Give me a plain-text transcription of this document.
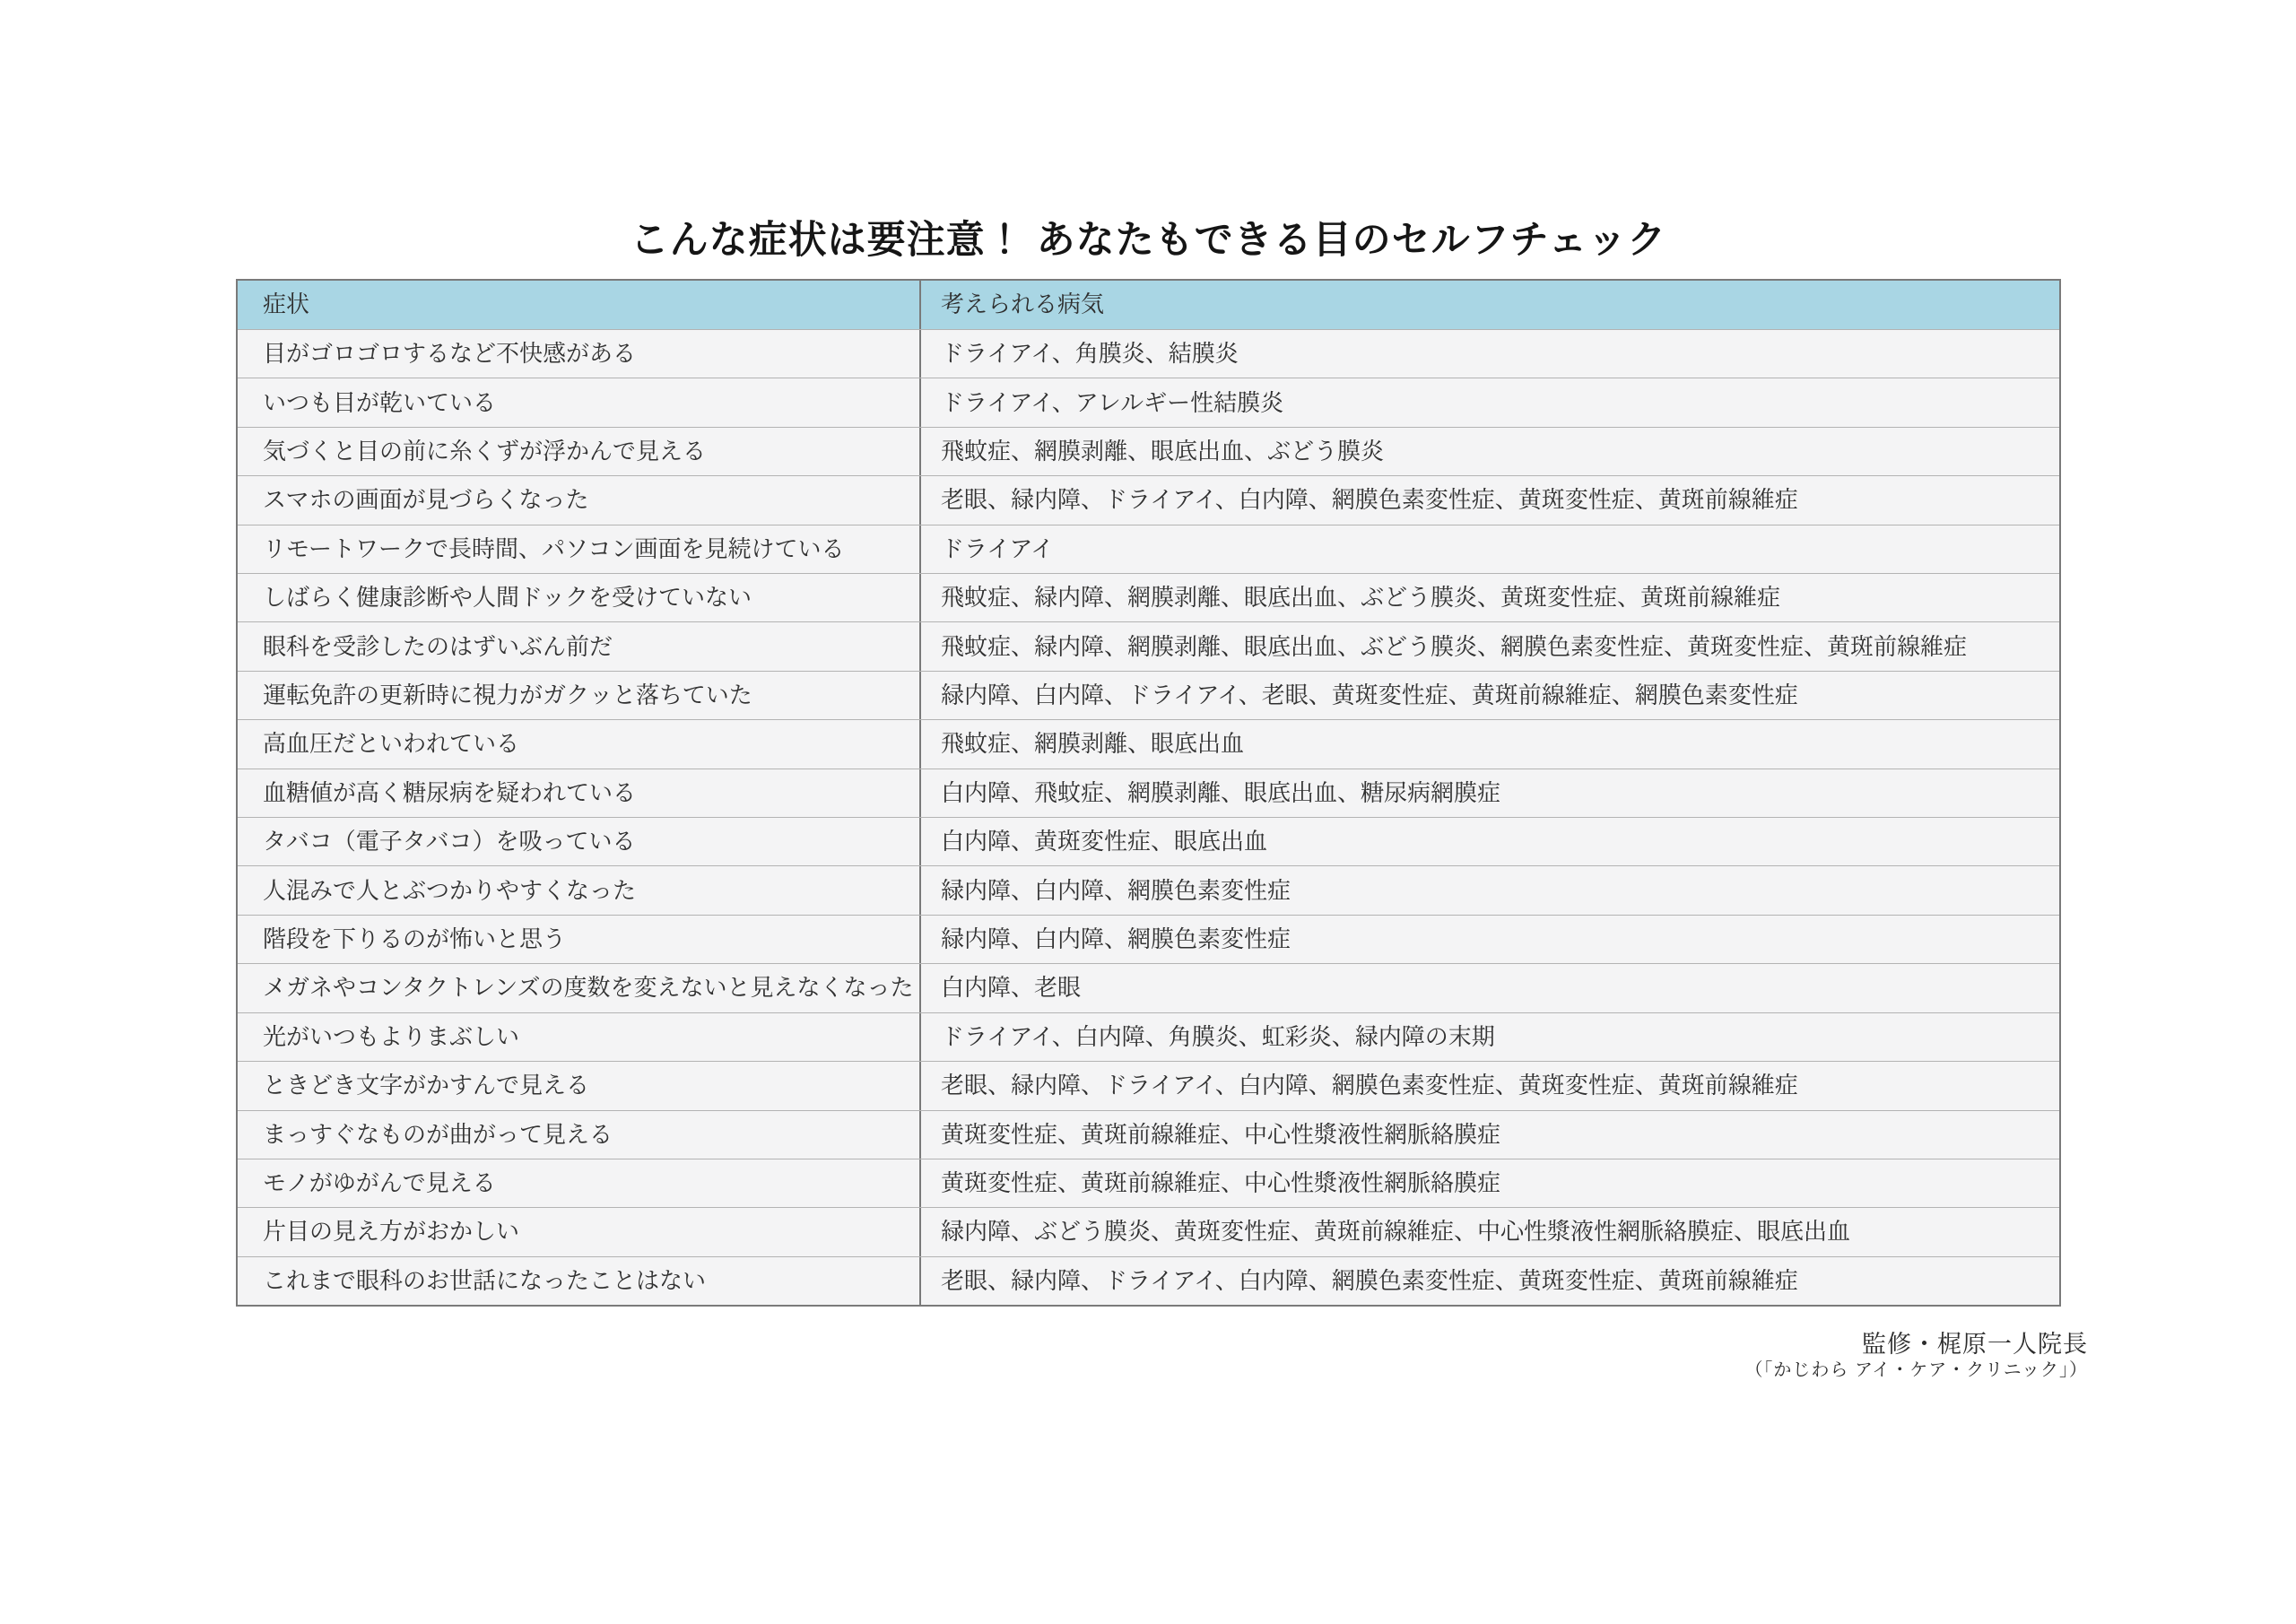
こんな症状は要注意！ あなたもできる目のセルフチェック
症状	考えられる病気
目がゴロゴロするなど不快感がある	ドライアイ、角膜炎、結膜炎
いつも目が乾いている	ドライアイ、アレルギー性結膜炎
気づくと目の前に糸くずが浮かんで見える	飛蚊症、網膜剥離、眼底出血、ぶどう膜炎
スマホの画面が見づらくなった	老眼、緑内障、ドライアイ、白内障、網膜色素変性症、黄斑変性症、黄斑前線維症
リモートワークで長時間、パソコン画面を見続けている	ドライアイ
しばらく健康診断や人間ドックを受けていない	飛蚊症、緑内障、網膜剥離、眼底出血、ぶどう膜炎、黄斑変性症、黄斑前線維症
眼科を受診したのはずいぶん前だ	飛蚊症、緑内障、網膜剥離、眼底出血、ぶどう膜炎、網膜色素変性症、黄斑変性症、黄斑前線維症
運転免許の更新時に視力がガクッと落ちていた	緑内障、白内障、ドライアイ、老眼、黄斑変性症、黄斑前線維症、網膜色素変性症
高血圧だといわれている	飛蚊症、網膜剥離、眼底出血
血糖値が高く糖尿病を疑われている	白内障、飛蚊症、網膜剥離、眼底出血、糖尿病網膜症
タバコ（電子タバコ）を吸っている	白内障、黄斑変性症、眼底出血
人混みで人とぶつかりやすくなった	緑内障、白内障、網膜色素変性症
階段を下りるのが怖いと思う	緑内障、白内障、網膜色素変性症
メガネやコンタクトレンズの度数を変えないと見えなくなった	白内障、老眼
光がいつもよりまぶしい	ドライアイ、白内障、角膜炎、虹彩炎、緑内障の末期
ときどき文字がかすんで見える	老眼、緑内障、ドライアイ、白内障、網膜色素変性症、黄斑変性症、黄斑前線維症
まっすぐなものが曲がって見える	黄斑変性症、黄斑前線維症、中心性漿液性網脈絡膜症
モノがゆがんで見える	黄斑変性症、黄斑前線維症、中心性漿液性網脈絡膜症
片目の見え方がおかしい	緑内障、ぶどう膜炎、黄斑変性症、黄斑前線維症、中心性漿液性網脈絡膜症、眼底出血
これまで眼科のお世話になったことはない	老眼、緑内障、ドライアイ、白内障、網膜色素変性症、黄斑変性症、黄斑前線維症
監修・梶原一人院長
（「かじわら アイ・ケア・クリニック」）
